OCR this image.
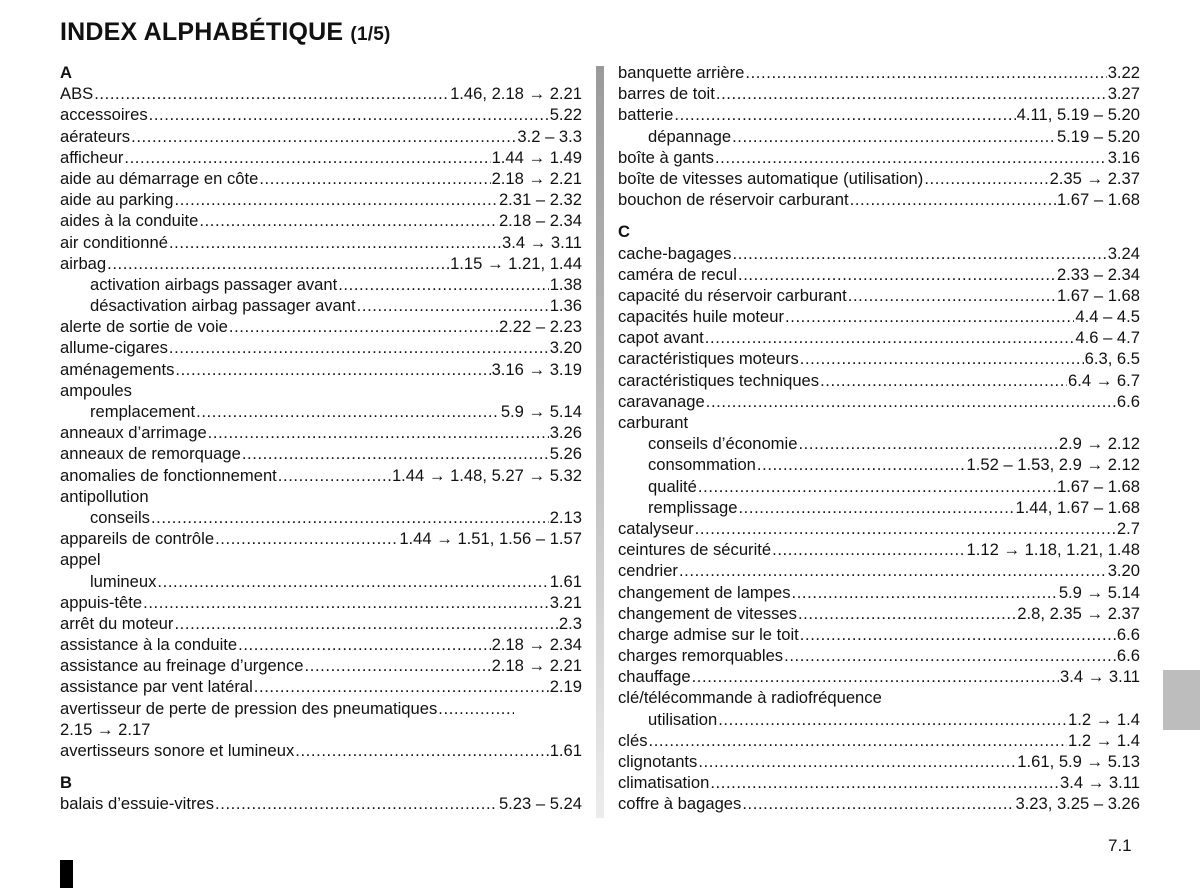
INDEX ALPHABÉTIQUE (1/5)
A
ABS .....	1.46, 2.18 → 2.21
accessoires .....	5.22
aérateurs .....	3.2 – 3.3
afficheur .....	1.44 → 1.49
aide au démarrage en côte .....	2.18 → 2.21
aide au parking .....	2.31 – 2.32
aides à la conduite .....	2.18 – 2.34
air conditionné .....	3.4 → 3.11
airbag .....	1.15 → 1.21, 1.44
activation airbags passager avant .....	1.38
désactivation airbag passager avant .....	1.36
alerte de sortie de voie .....	2.22 – 2.23
allume-cigares .....	3.20
aménagements .....	3.16 → 3.19
ampoules
remplacement .....	5.9 → 5.14
anneaux d’arrimage .....	3.26
anneaux de remorquage .....	5.26
anomalies de fonctionnement .....	1.44 → 1.48, 5.27 → 5.32
antipollution
conseils .....	2.13
appareils de contrôle .....	1.44 → 1.51, 1.56 – 1.57
appel
lumineux .....	1.61
appuis-tête .....	3.21
arrêt du moteur .....	2.3
assistance à la conduite .....	2.18 → 2.34
assistance au freinage d’urgence .....	2.18 → 2.21
assistance par vent latéral .....	2.19
avertisseur de perte de pression des pneumatiques
.....
2.15 → 2.17
avertisseurs sonore et lumineux .....	1.61
B
balais d’essuie-vitres .....	5.23 – 5.24
banquette arrière .....	3.22
barres de toit .....	3.27
batterie .....	4.11, 5.19 – 5.20
dépannage .....	5.19 – 5.20
boîte à gants .....	3.16
boîte de vitesses automatique (utilisation) .....	2.35 → 2.37
bouchon de réservoir carburant .....	1.67 – 1.68
C
cache-bagages .....	3.24
caméra de recul .....	2.33 – 2.34
capacité du réservoir carburant .....	1.67 – 1.68
capacités huile moteur .....	4.4 – 4.5
capot avant .....	4.6 – 4.7
caractéristiques moteurs .....	6.3, 6.5
caractéristiques techniques .....	6.4 → 6.7
caravanage .....	6.6
carburant
conseils d’économie .....	2.9 → 2.12
consommation .....	1.52 – 1.53, 2.9 → 2.12
qualité .....	1.67 – 1.68
remplissage .....	1.44, 1.67 – 1.68
catalyseur .....	2.7
ceintures de sécurité .....	1.12 → 1.18, 1.21, 1.48
cendrier .....	3.20
changement de lampes .....	5.9 → 5.14
changement de vitesses .....	2.8, 2.35 → 2.37
charge admise sur le toit .....	6.6
charges remorquables .....	6.6
chauffage .....	3.4 → 3.11
clé/télécommande à radiofréquence
utilisation .....	1.2 → 1.4
clés .....	1.2 → 1.4
clignotants .....	1.61, 5.9 → 5.13
climatisation .....	3.4 → 3.11
coffre à bagages .....	3.23, 3.25 – 3.26
7.1
